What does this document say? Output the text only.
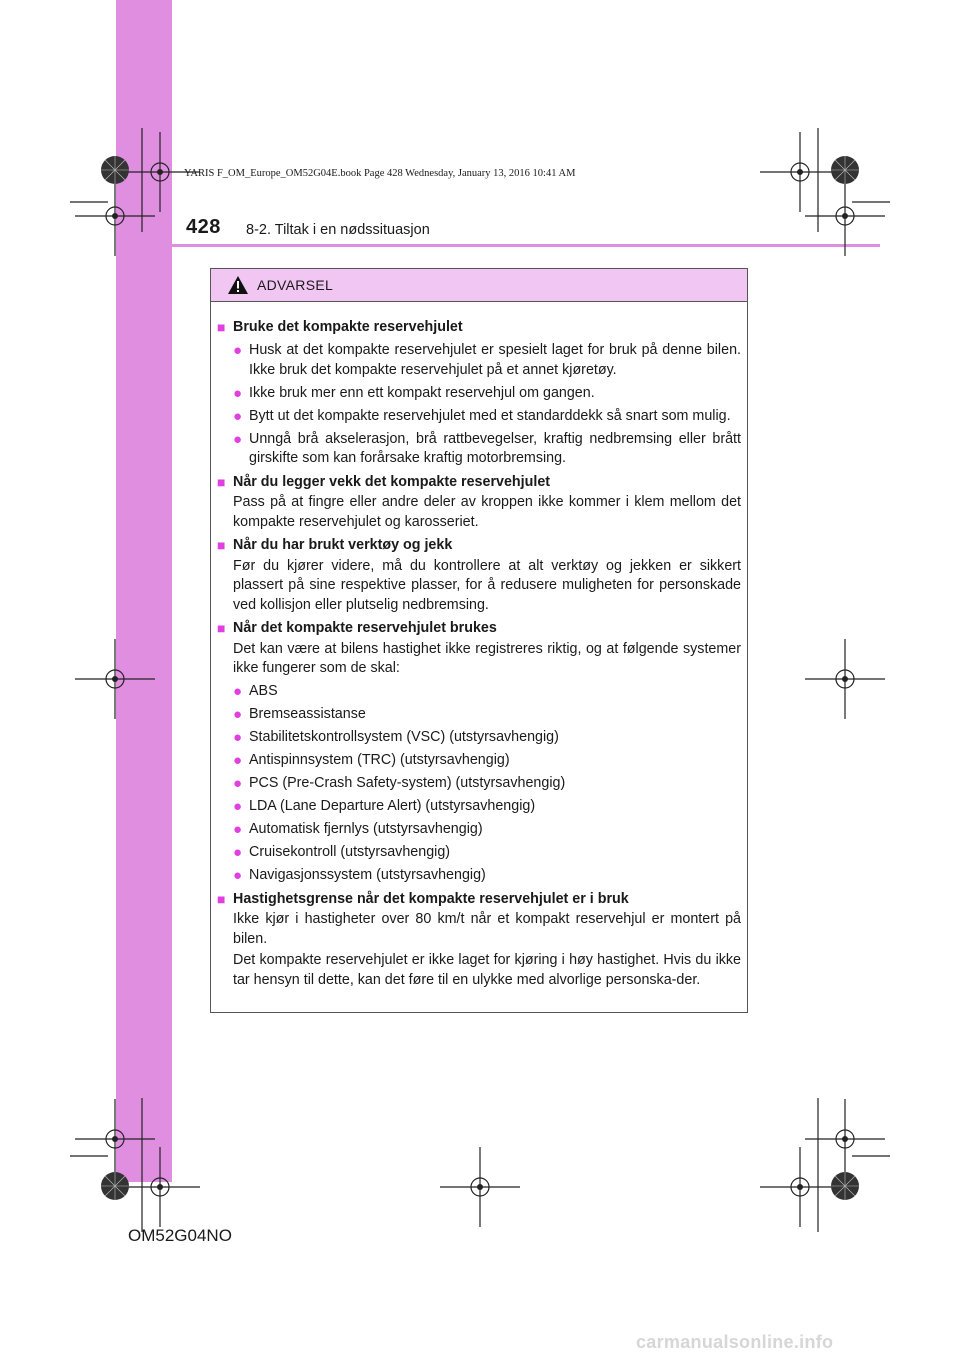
YARIS F_OM_Europe_OM52G04E.book Page 428 Wednesday, January 13, 2016 10:41 AM
428 8-2. Tiltak i en nødssituasjon
ADVARSEL
■ Bruke det kompakte reservehjulet
● Husk at det kompakte reservehjulet er spesielt laget for bruk på denne bilen. Ikke bruk det kompakte reservehjulet på et annet kjøretøy.
● Ikke bruk mer enn ett kompakt reservehjul om gangen.
● Bytt ut det kompakte reservehjulet med et standarddekk så snart som mulig.
● Unngå brå akselerasjon, brå rattbevegelser, kraftig nedbremsing eller brått girskifte som kan forårsake kraftig motorbremsing.
■ Når du legger vekk det kompakte reservehjulet
Pass på at fingre eller andre deler av kroppen ikke kommer i klem mellom det kompakte reservehjulet og karosseriet.
■ Når du har brukt verktøy og jekk
Før du kjører videre, må du kontrollere at alt verktøy og jekken er sikkert plassert på sine respektive plasser, for å redusere muligheten for personskade ved kollisjon eller plutselig nedbremsing.
■ Når det kompakte reservehjulet brukes
Det kan være at bilens hastighet ikke registreres riktig, og at følgende systemer ikke fungerer som de skal:
● ABS
● Bremseassistanse
● Stabilitetskontrollsystem (VSC) (utstyrsavhengig)
● Antispinnsystem (TRC) (utstyrsavhengig)
● PCS (Pre-Crash Safety-system) (utstyrsavhengig)
● LDA (Lane Departure Alert) (utstyrsavhengig)
● Automatisk fjernlys (utstyrsavhengig)
● Cruisekontroll (utstyrsavhengig)
● Navigasjonssystem (utstyrsavhengig)
■ Hastighetsgrense når det kompakte reservehjulet er i bruk
Ikke kjør i hastigheter over 80 km/t når et kompakt reservehjul er montert på bilen.
Det kompakte reservehjulet er ikke laget for kjøring i høy hastighet. Hvis du ikke tar hensyn til dette, kan det føre til en ulykke med alvorlige personska-der.
OM52G04NO
carmanualsonline.info
